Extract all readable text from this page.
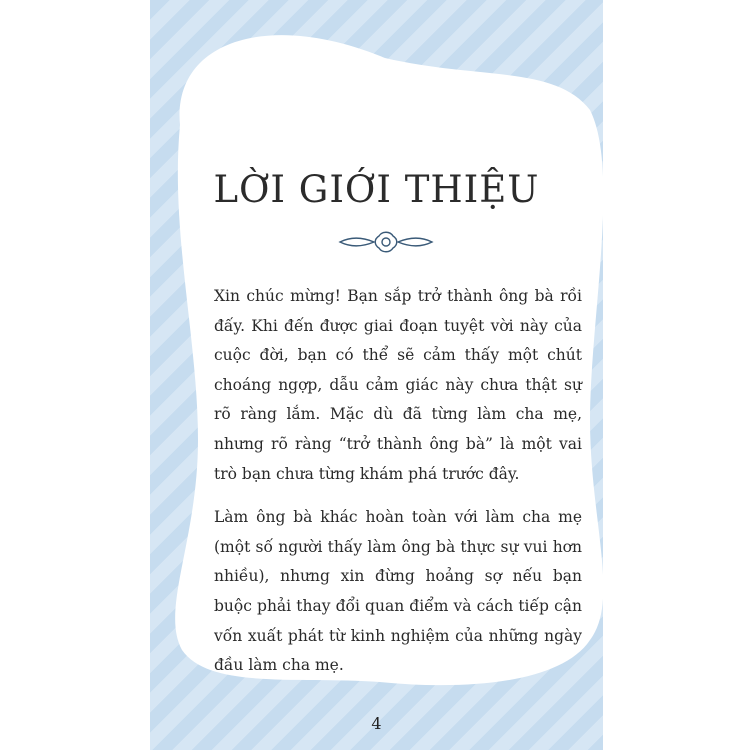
LỜI GIỚI THIỆU

Xin chúc mừng! Bạn sắp trở thành ông bà rồi đấy. Khi đến được giai đoạn tuyệt vời này của cuộc đời, bạn có thể sẽ cảm thấy một chút choáng ngợp, dẫu cảm giác này chưa thật sự rõ ràng lắm. Mặc dù đã từng làm cha mẹ, nhưng rõ ràng “trở thành ông bà” là một vai trò bạn chưa từng khám phá trước đây.

Làm ông bà khác hoàn toàn với làm cha mẹ (một số người thấy làm ông bà thực sự vui hơn nhiều), nhưng xin đừng hoảng sợ nếu bạn buộc phải thay đổi quan điểm và cách tiếp cận vốn xuất phát từ kinh nghiệm của những ngày đầu làm cha mẹ.

4
